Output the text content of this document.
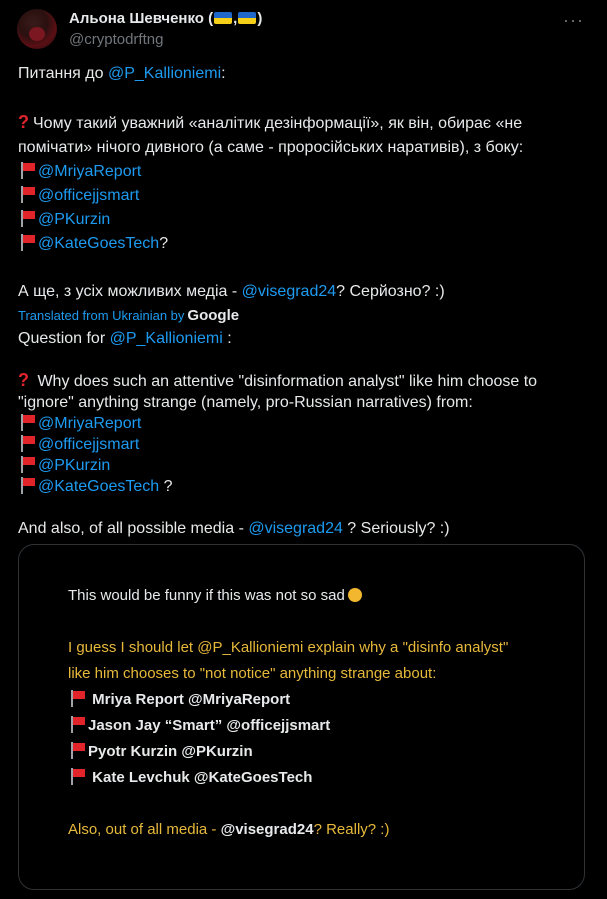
Альона Шевченко ( , )
@cryptodrftng
···

Питання до @P_Kallionіemi:

? Чому такий уважний «аналітик дезінформації», як він, обирає «не помічати» нічого дивного (а саме - проросійських наративів), з боку:

@MriyaReport

@officejjsmart

@PKurzin

@KateGoesTech?

А ще, з усіх можливих медіа - @visegrad24? Серйозно? :)

Translated from Ukrainian by Google

Question for @P_Kallionіemi :

? Why does such an attentive "disinformation analyst" like him choose to "ignore" anything strange (namely, pro-Russian narratives) from:

@MriyaReport

@officejjsmart

@PKurzin

@KateGoesTech ?

And also, of all possible media - @visegrad24 ? Seriously? :)

This would be funny if this was not so sad

I guess I should let @P_Kallioniemi explain why a "disinfo analyst"

like him chooses to "not notice" anything strange about:

Mriya Report @MriyaReport

Jason Jay “Smart” @officejjsmart

Pyotr Kurzin @PKurzin

Kate Levchuk @KateGoesTech

Also, out of all media - @visegrad24? Really? :)
